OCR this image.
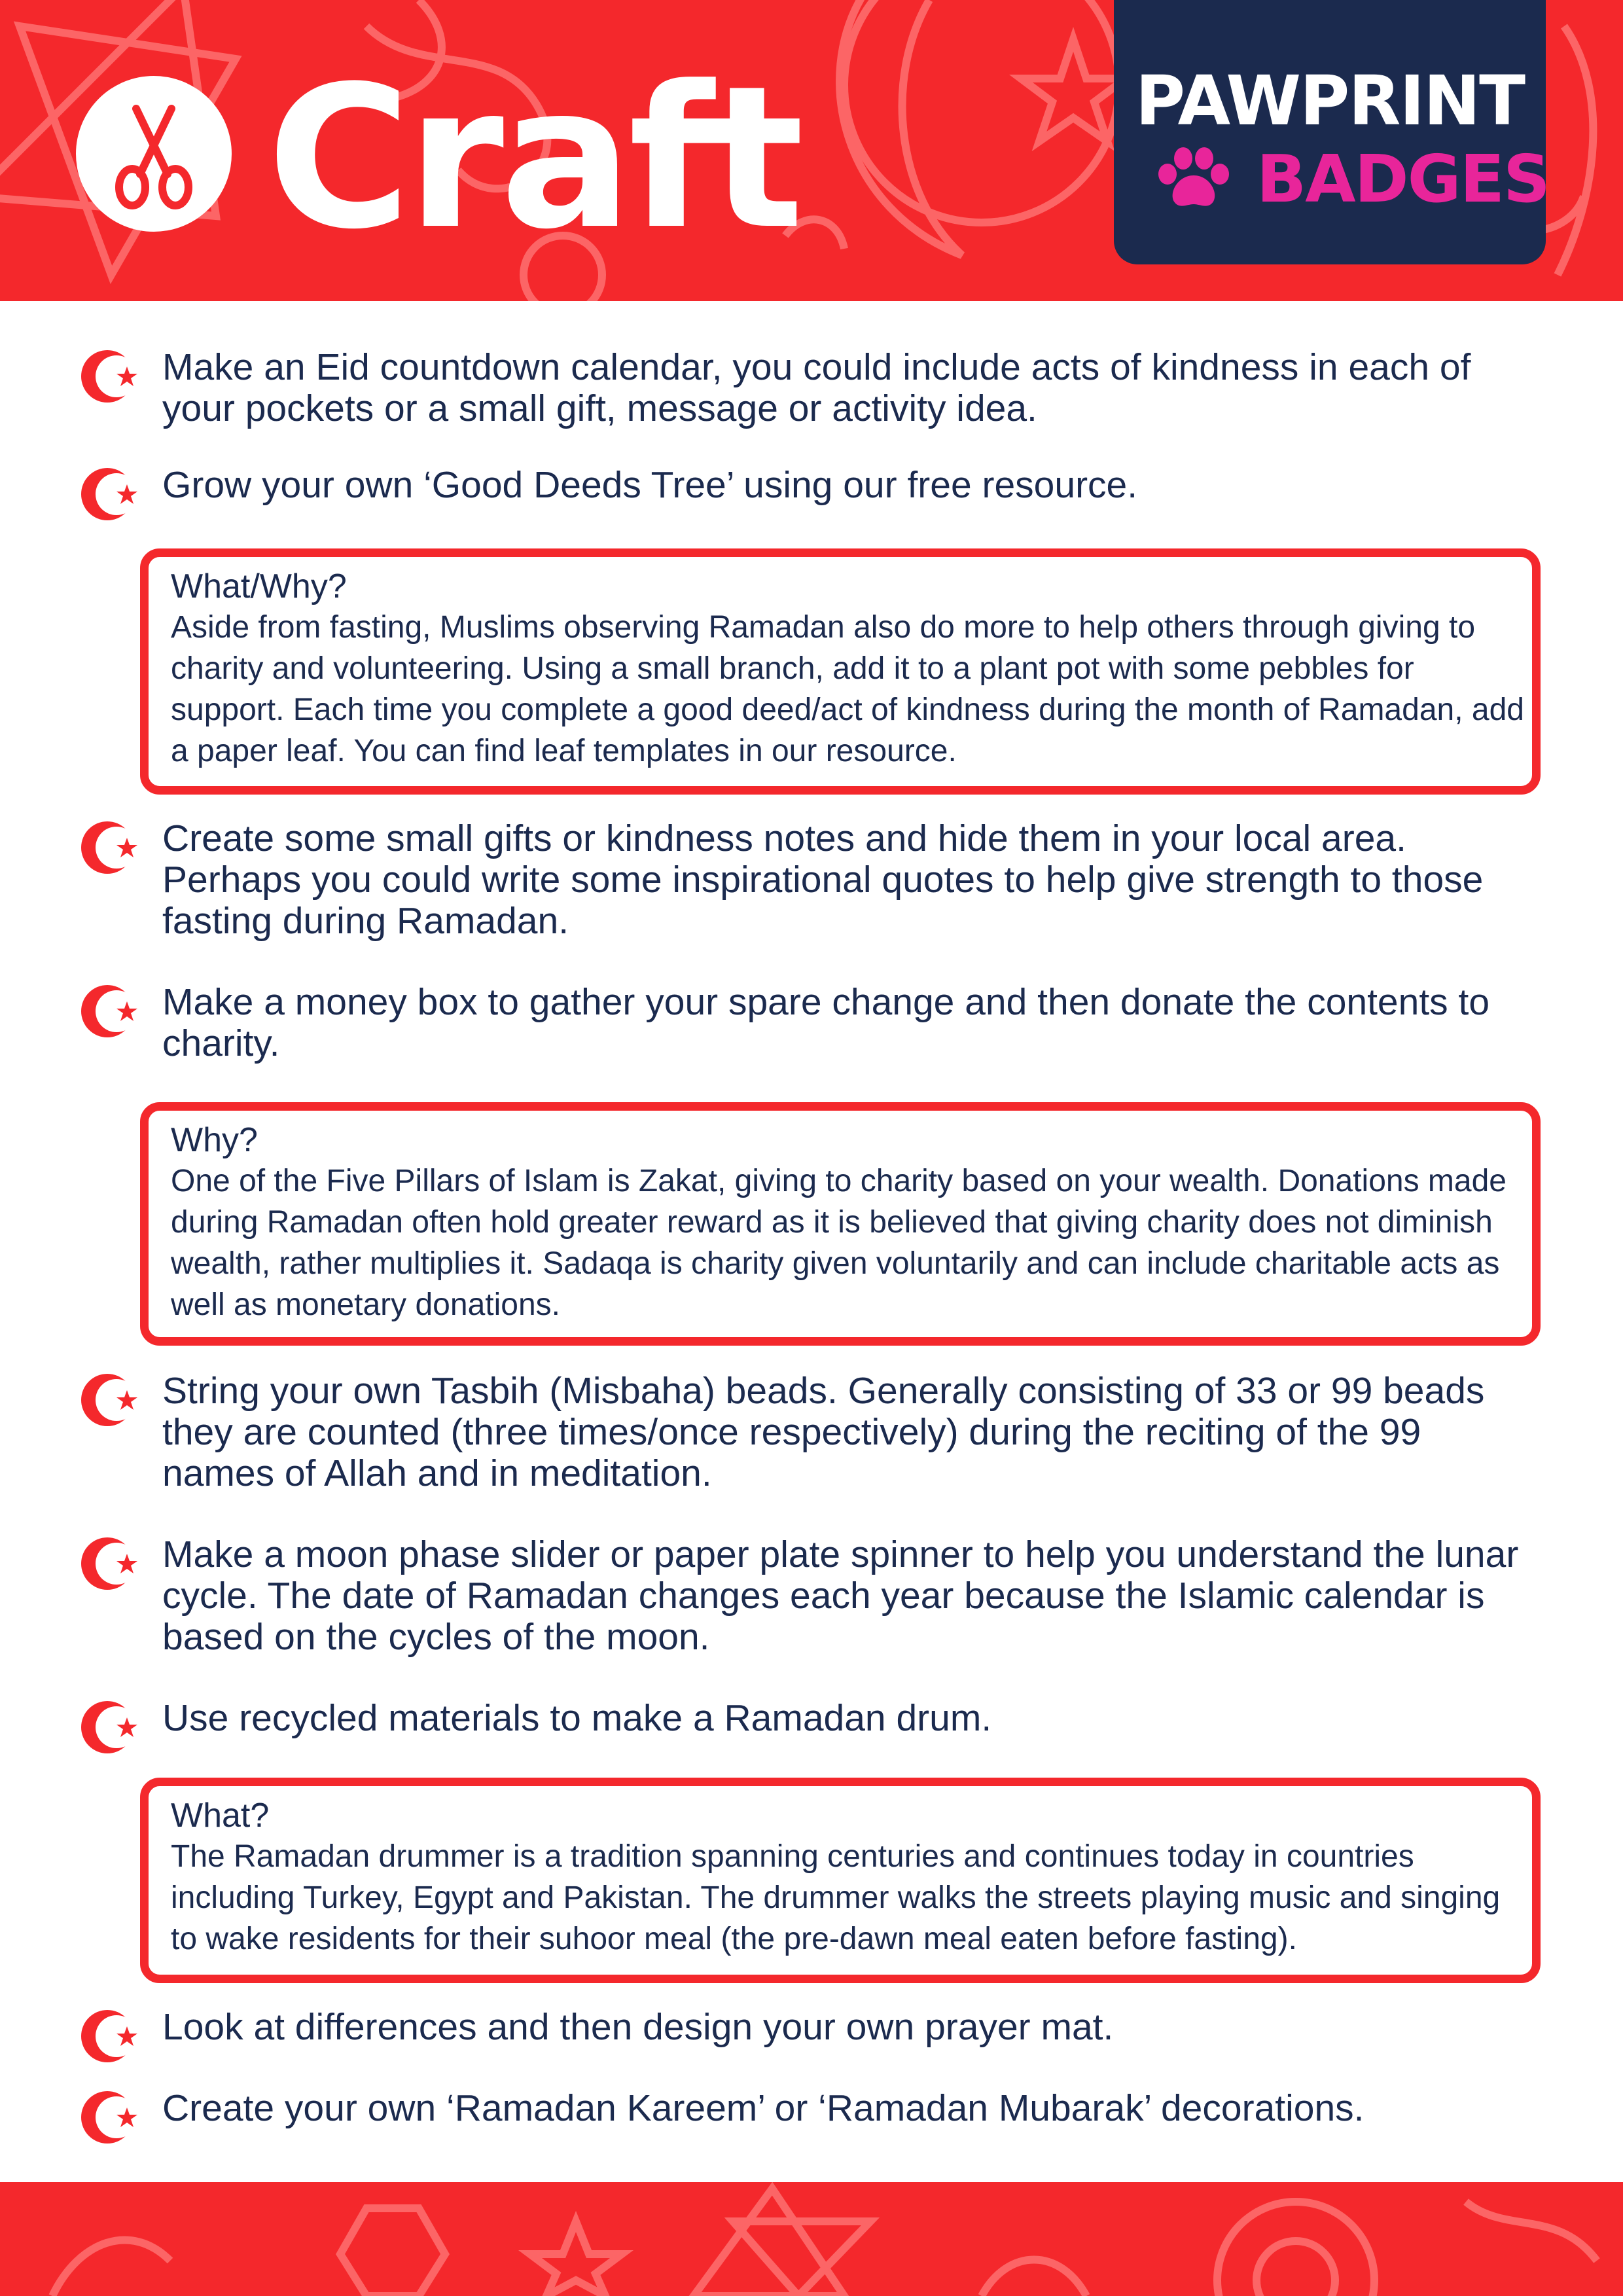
Craft	PAWPRINT
BADGES
Make an Eid countdown calendar, you could include acts of kindness in each of your pockets or a small gift, message or activity idea.
Grow your own ‘Good Deeds Tree’ using our free resource.
What/Why?
Aside from fasting, Muslims observing Ramadan also do more to help others through giving to charity and volunteering. Using a small branch, add it to a plant pot with some pebbles for support. Each time you complete a good deed/act of kindness during the month of Ramadan, add a paper leaf. You can find leaf templates in our resource.
Create some small gifts or kindness notes and hide them in your local area. Perhaps you could write some inspirational quotes to help give strength to those fasting during Ramadan.
Make a money box to gather your spare change and then donate the contents to charity.
Why?
One of the Five Pillars of Islam is Zakat, giving to charity based on your wealth. Donations made during Ramadan often hold greater reward as it is believed that giving charity does not diminish wealth, rather multiplies it. Sadaqa is charity given voluntarily and can include charitable acts as well as monetary donations.
String your own Tasbih (Misbaha) beads. Generally consisting of 33 or 99 beads they are counted (three times/once respectively) during the reciting of the 99 names of Allah and in meditation.
Make a moon phase slider or paper plate spinner to help you understand the lunar cycle. The date of Ramadan changes each year because the Islamic calendar is based on the cycles of the moon.
Use recycled materials to make a Ramadan drum.
What?
The Ramadan drummer is a tradition spanning centuries and continues today in countries including Turkey, Egypt and Pakistan. The drummer walks the streets playing music and singing to wake residents for their suhoor meal (the pre-dawn meal eaten before fasting).
Look at differences and then design your own prayer mat.
Create your own ‘Ramadan Kareem’ or ‘Ramadan Mubarak’ decorations.
